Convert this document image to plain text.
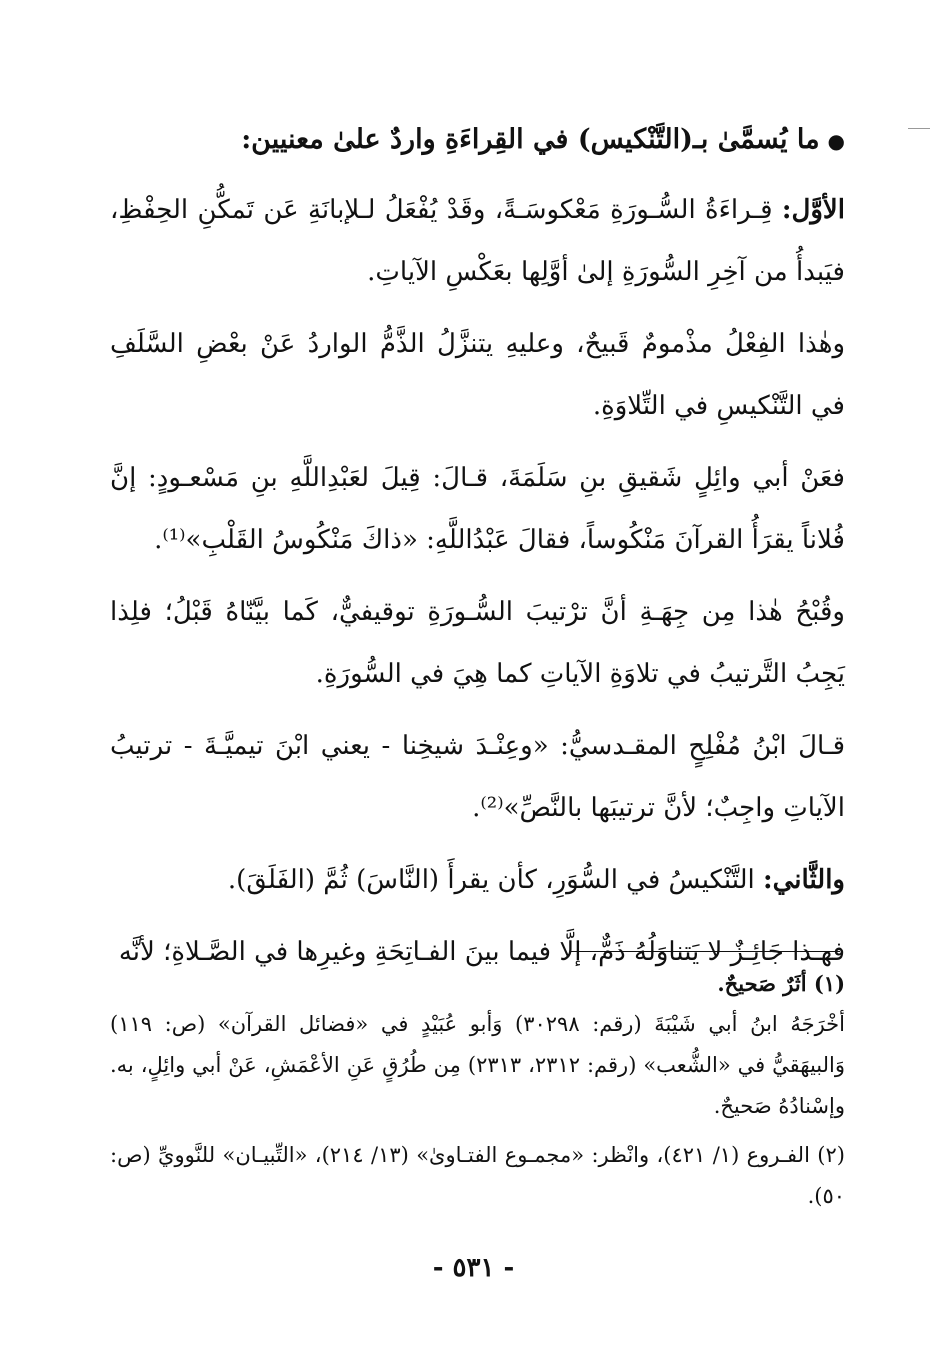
●ما يُسمَّىٰ بـ(التَّنْكيس) في القِراءَةِ واردٌ علىٰ معنيين:

الأوَّل: قِـراءَةُ السُّـورَةِ مَعْكوسَـةً، وقَدْ يُفْعَلُ لـلإبانَةِ عَن تَمكُّنِ الحِفْظِ، فيَبدأُ من آخِرِ السُّورَةِ إلىٰ أوَّلِها بعَكْسِ الآياتِ.

وهٰذا الفِعْلُ مذْمومٌ قَبيحٌ، وعليهِ يتنزَّلُ الذَّمُّ الواردُ عَنْ بعْضِ السَّلَفِ في التَّنْكيسِ في التِّلاوَةِ.

فعَنْ أبي وائِلٍ شَقيقِ بنِ سَلَمَةَ، قـالَ: قِيلَ لعَبْدِاللَّهِ بنِ مَسْعـودٍ: إنَّ فُلاناً يقرَأُ القرآنَ مَنْكُوساً، فقالَ عَبْدُاللَّهِ: «ذاكَ مَنْكُوسُ القَلْبِ»⁽¹⁾.

وقُبْحُ هٰذا مِن جِهَـةِ أنَّ ترْتيبَ السُّـورَةِ توقيفيٌّ، كَما بيَّنّاهُ قَبْلُ؛ فلِذا يَجِبُ التَّرتيبُ في تلاوَةِ الآياتِ كما هِيَ في السُّورَةِ.

قـالَ ابْنُ مُفْلِحٍ المقـدسيُّ: «وعِنْـدَ شيخِنا - يعني ابْنَ تيميَّـةَ - ترتيبُ الآياتِ واجِبٌ؛ لأنَّ ترتيبَها بالنَّصِّ»⁽²⁾.

والثَّاني: التَّنْكيسُ في السُّوَرِ، كأن يقرأَ (النَّاسَ) ثُمَّ (الفَلَقَ).

فهـذا جَائِـزٌ لا يَتناوَلُهُ ذَمٌّ، إلَّا فيما بينَ الفـاتِحَةِ وغيرِها في الصَّـلاةِ؛ لأنَّه

(١) أثَرٌ صَحيحٌ.

أخْرَجَهُ ابنُ أبي شَيْبَةَ (رقم: ٣٠٢٩٨) وَأبو عُبَيْدٍ في «فضائل القرآن» (ص: ١١٩) وَالبيهَقيُّ في «الشُّعب» (رقم: ٢٣١٢، ٢٣١٣) مِن طُرُقٍ عَنِ الأعْمَشِ، عَنْ أبي وائِلٍ، به. وإسْنادُهُ صَحيحٌ.

(٢) الفـروع (١/ ٤٢١)، وانْظر: «مجمـوع الفتـاوىٰ» (١٣/ ٢١٤)، «التِّبيـان» للنَّوويِّ (ص: ٥٠).

- ٥٣١ -
